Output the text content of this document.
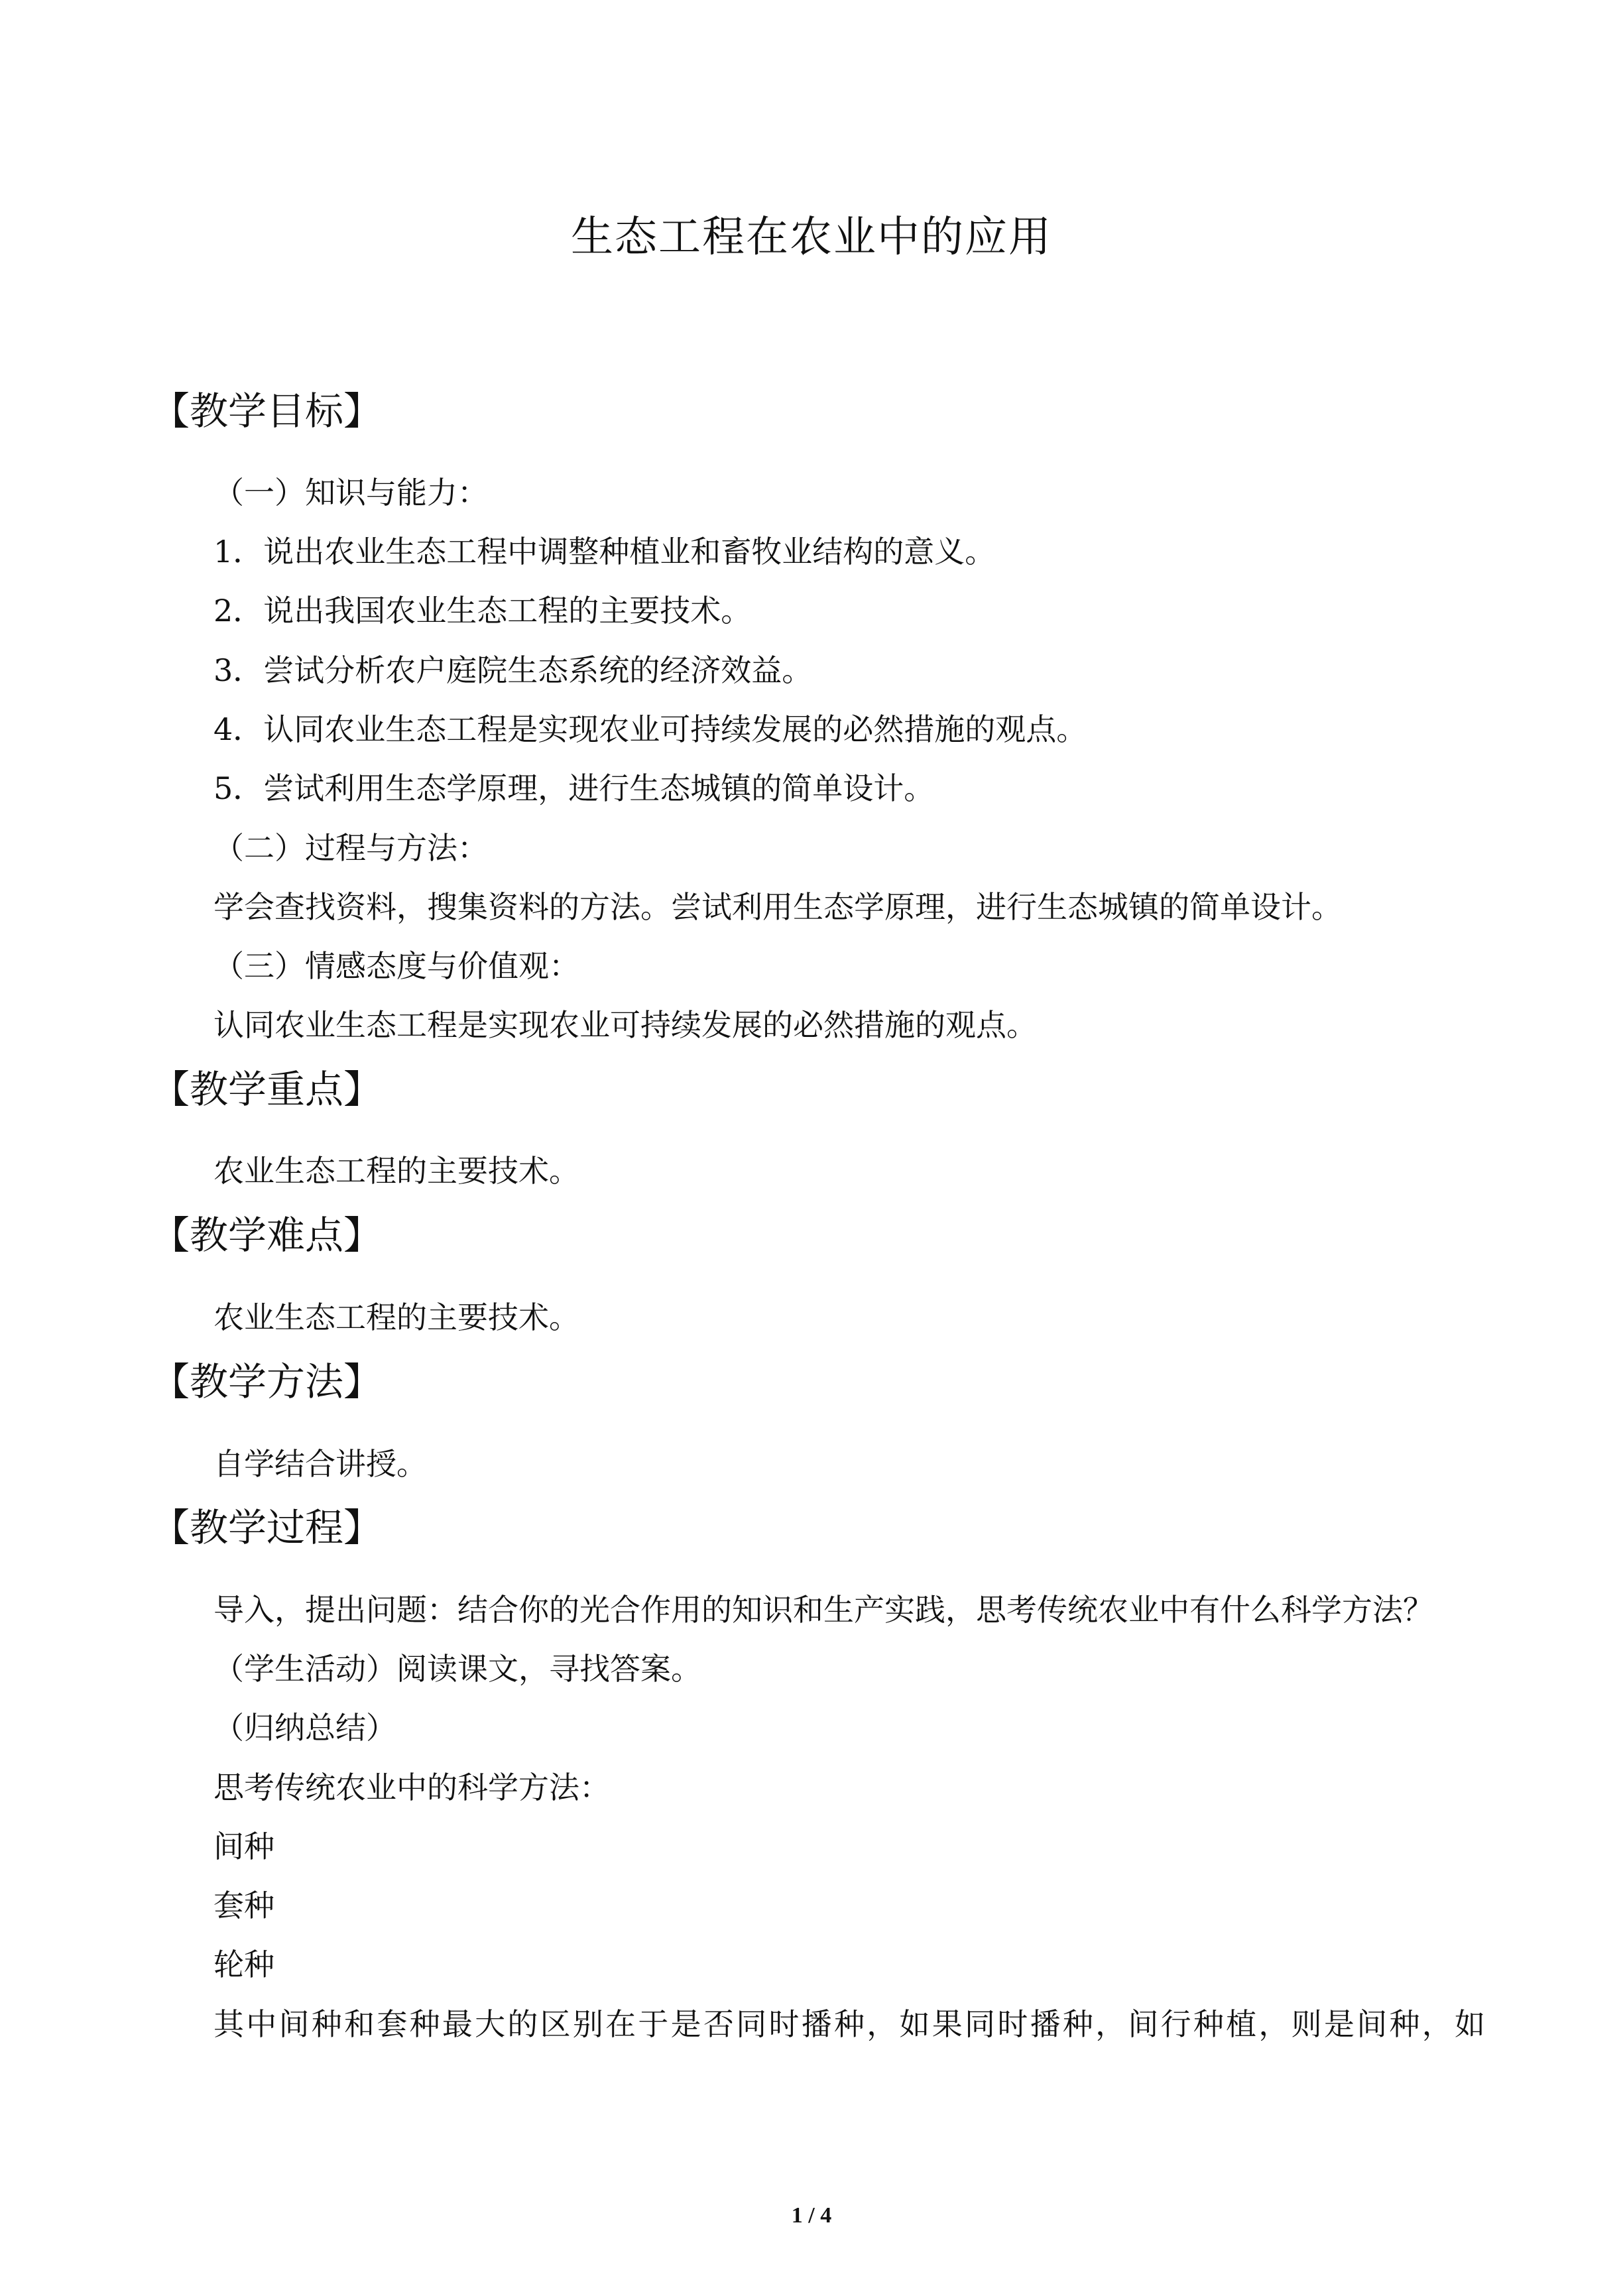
生态工程在农业中的应用
【教学目标】

（一）知识与能力：

1．说出农业生态工程中调整种植业和畜牧业结构的意义。

2．说出我国农业生态工程的主要技术。

3．尝试分析农户庭院生态系统的经济效益。

4．认同农业生态工程是实现农业可持续发展的必然措施的观点。

5．尝试利用生态学原理，进行生态城镇的简单设计。

（二）过程与方法：

学会查找资料，搜集资料的方法。尝试利用生态学原理，进行生态城镇的简单设计。

（三）情感态度与价值观：

认同农业生态工程是实现农业可持续发展的必然措施的观点。

【教学重点】

农业生态工程的主要技术。

【教学难点】

农业生态工程的主要技术。

【教学方法】

自学结合讲授。

【教学过程】

导入，提出问题：结合你的光合作用的知识和生产实践，思考传统农业中有什么科学方法？

（学生活动）阅读课文，寻找答案。

（归纳总结）

思考传统农业中的科学方法：

间种

套种

轮种

其中间种和套种最大的区别在于是否同时播种，如果同时播种，间行种植，则是间种，如

1 / 4
